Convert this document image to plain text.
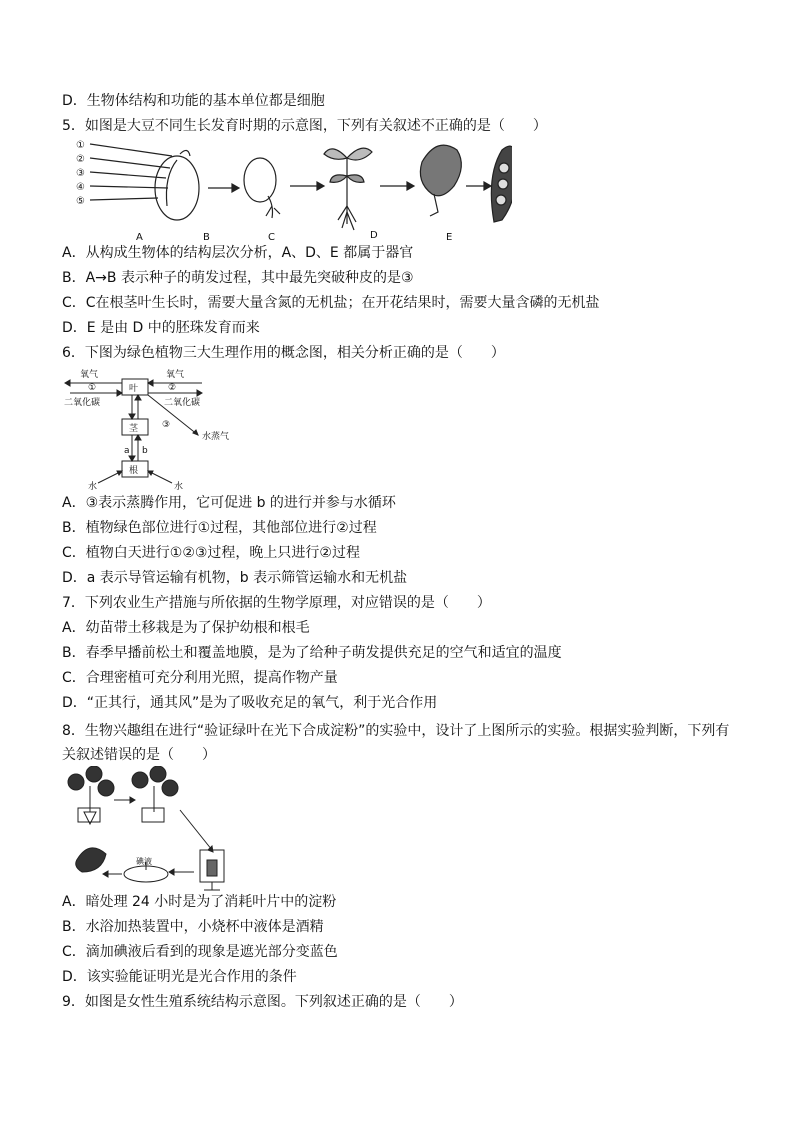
D．生物体结构和功能的基本单位都是细胞
5．如图是大豆不同生长发育时期的示意图，下列有关叙述不正确的是（　　）
①
②
③
④
⑤
A	B	C	D	E
A．从构成生物体的结构层次分析，A、D、E 都属于器官
B．A→B 表示种子的萌发过程，其中最先突破种皮的是③
C．C在根茎叶生长时，需要大量含氮的无机盐；在开花结果时，需要大量含磷的无机盐
D．E 是由 D 中的胚珠发育而来
6．下图为绿色植物三大生理作用的概念图，相关分析正确的是（　　）
氧气
①
二氧化碳
氧气
②
二氧化碳
叶
茎
根
③
水蒸气
a b
水	水
A．③表示蒸腾作用，它可促进 b 的进行并参与水循环
B．植物绿色部位进行①过程，其他部位进行②过程
C．植物白天进行①②③过程，晚上只进行②过程
D．a 表示导管运输有机物，b 表示筛管运输水和无机盐
7．下列农业生产措施与所依据的生物学原理，对应错误的是（　　）
A．幼苗带土移栽是为了保护幼根和根毛
B．春季早播前松土和覆盖地膜，是为了给种子萌发提供充足的空气和适宜的温度
C．合理密植可充分利用光照，提高作物产量
D．“正其行，通其风”是为了吸收充足的氧气，利于光合作用
8．生物兴趣组在进行“验证绿叶在光下合成淀粉”的实验中，设计了上图所示的实验。根据实验判断，下列有关叙述错误的是（　　）
碘液
A．暗处理 24 小时是为了消耗叶片中的淀粉
B．水浴加热装置中，小烧杯中液体是酒精
C．滴加碘液后看到的现象是遮光部分变蓝色
D．该实验能证明光是光合作用的条件
9．如图是女性生殖系统结构示意图。下列叙述正确的是（　　）
